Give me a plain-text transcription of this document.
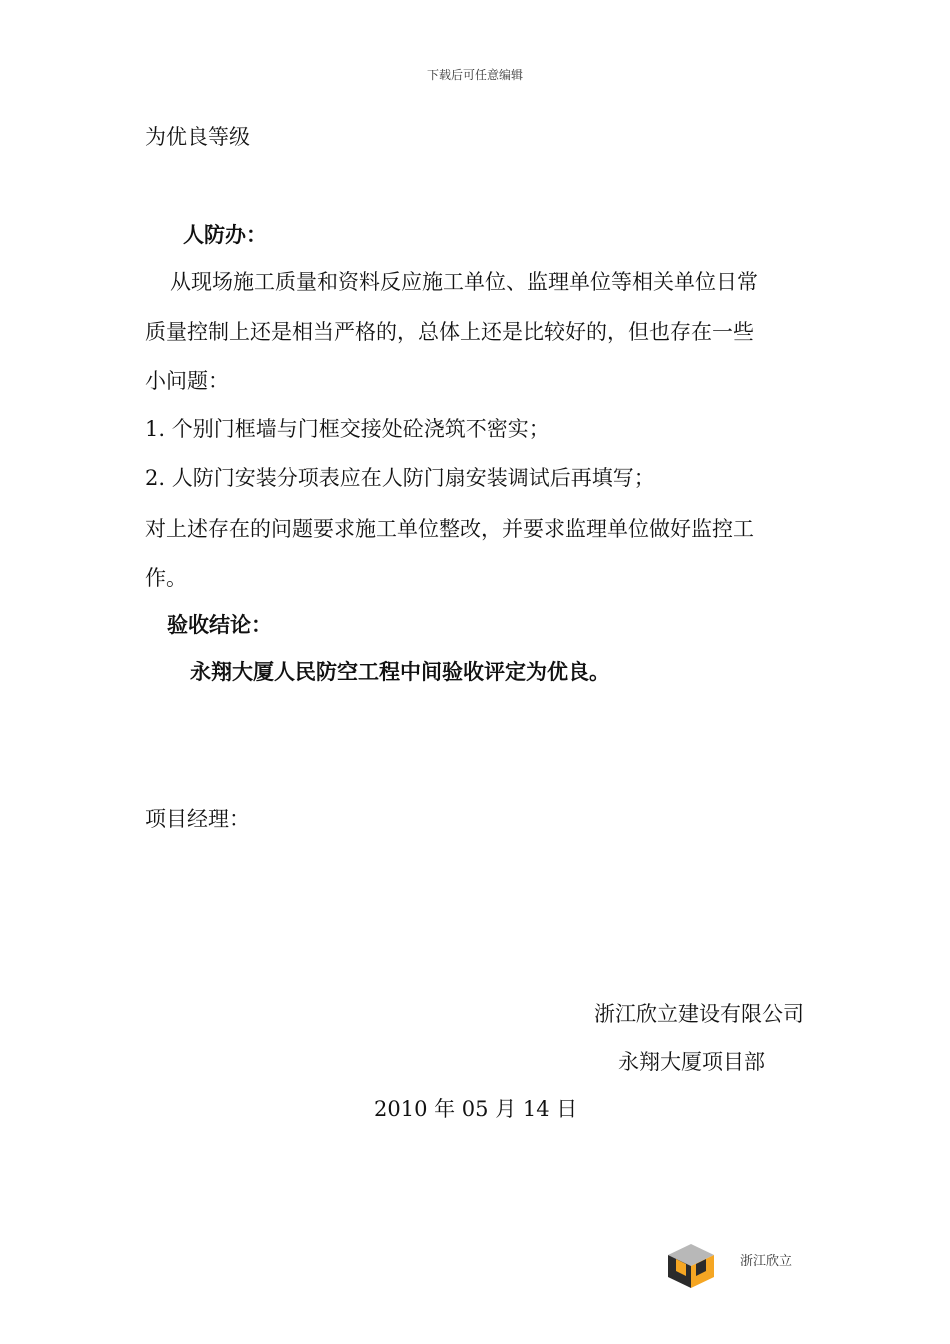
下载后可任意编辑
为优良等级
人防办：
从现场施工质量和资料反应施工单位、监理单位等相关单位日常
质量控制上还是相当严格的，总体上还是比较好的，但也存在一些
小问题：
1. 个别门框墙与门框交接处砼浇筑不密实；
2. 人防门安装分项表应在人防门扇安装调试后再填写；
对上述存在的问题要求施工单位整改，并要求监理单位做好监控工
作。
验收结论：
永翔大厦人民防空工程中间验收评定为优良。
项目经理：
浙江欣立建设有限公司
永翔大厦项目部
2010 年 05 月 14 日
浙江欣立
